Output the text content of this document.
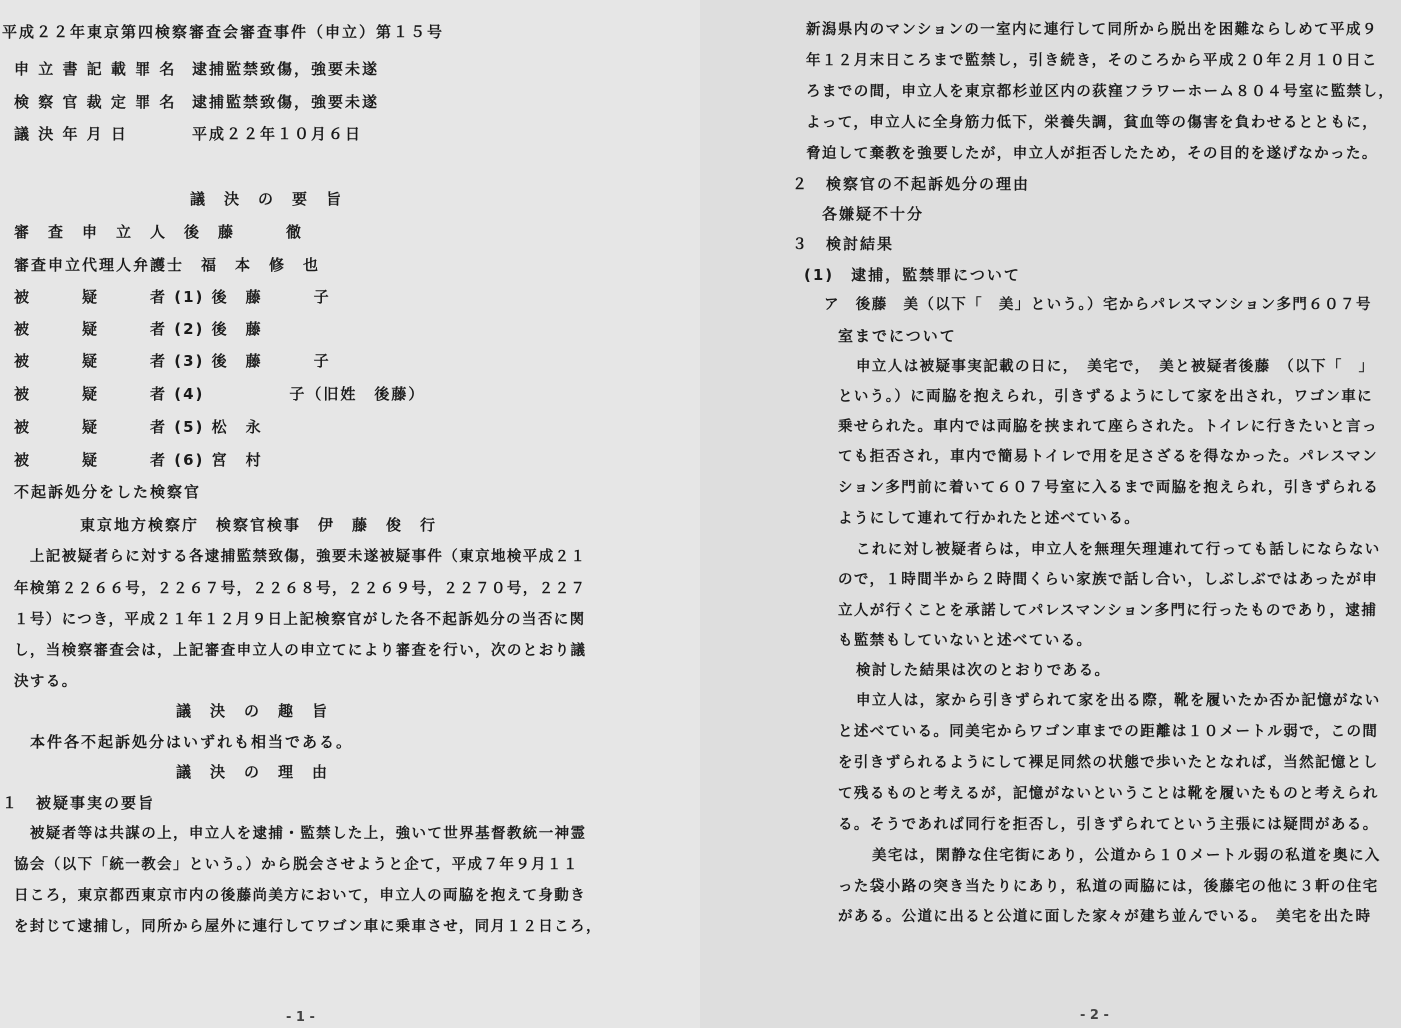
平成２２年東京第四検察審査会審査事件（申立）第１５号
申 立 書 記 載 罪 名 逮捕監禁致傷，強要未遂
検 察 官 裁 定 罪 名 逮捕監禁致傷，強要未遂
議 決 年 月 日	平成２２年１０月６日
議　決　の　要　旨
審　査　申　立　人　後　藤　　　徹
審査申立代理人弁護士　福　本　修　也
被　　　疑　　　者 (1) 後　藤　　　子
被　　　疑　　　者 (2) 後　藤
被　　　疑　　　者 (3) 後　藤　　　子
被　　　疑　　　者 (4)　　　　　子（旧姓　後藤）
被　　　疑　　　者 (5) 松　永
被　　　疑　　　者 (6) 宮　村
不起訴処分をした検察官
東京地方検察庁　検察官検事　伊　藤　俊　行
　上記被疑者らに対する各逮捕監禁致傷，強要未遂被疑事件（東京地検平成２１
年検第２２６６号，２２６７号，２２６８号，２２６９号，２２７０号，２２７
１号）につき，平成２１年１２月９日上記検察官がした各不起訴処分の当否に関
し，当検察審査会は，上記審査申立人の申立てにより審査を行い，次のとおり議
決する。
議　決　の　趣　旨
本件各不起訴処分はいずれも相当である。
議　決　の　理　由
１　被疑事実の要旨
　被疑者等は共謀の上，申立人を逮捕・監禁した上，強いて世界基督教統一神霊
協会（以下「統一教会」という。）から脱会させようと企て，平成７年９月１１
日ころ，東京都西東京市内の後藤尚美方において，申立人の両脇を抱えて身動き
を封じて逮捕し，同所から屋外に連行してワゴン車に乗車させ，同月１２日ころ，
- 1 -
新潟県内のマンションの一室内に連行して同所から脱出を困難ならしめて平成９
年１２月末日ころまで監禁し，引き続き，そのころから平成２０年２月１０日こ
ろまでの間，申立人を東京都杉並区内の荻窪フラワーホーム８０４号室に監禁し，
よって，申立人に全身筋力低下，栄養失調，貧血等の傷害を負わせるとともに，
脅迫して棄教を強要したが，申立人が拒否したため，その目的を遂げなかった。
２　検察官の不起訴処分の理由
各嫌疑不十分
３　検討結果
(1)　逮捕，監禁罪について
ア　後藤　美（以下「　美」という。）宅からパレスマンション多門６０７号
室までについて
申立人は被疑事実記載の日に，　美宅で，　美と被疑者後藤　（以下「　」
という。）に両脇を抱えられ，引きずるようにして家を出され，ワゴン車に
乗せられた。車内では両脇を挟まれて座らされた。トイレに行きたいと言っ
ても拒否され，車内で簡易トイレで用を足さざるを得なかった。パレスマン
ション多門前に着いて６０７号室に入るまで両脇を抱えられ，引きずられる
ようにして連れて行かれたと述べている。
これに対し被疑者らは，申立人を無理矢理連れて行っても話しにならない
ので，１時間半から２時間くらい家族で話し合い，しぶしぶではあったが申
立人が行くことを承諾してパレスマンション多門に行ったものであり，逮捕
も監禁もしていないと述べている。
検討した結果は次のとおりである。
申立人は，家から引きずられて家を出る際，靴を履いたか否か記憶がない
と述べている。同美宅からワゴン車までの距離は１０メートル弱で，この間
を引きずられるようにして裸足同然の状態で歩いたとなれば，当然記憶とし
て残るものと考えるが，記憶がないということは靴を履いたものと考えられ
る。そうであれば同行を拒否し，引きずられてという主張には疑問がある。
美宅は，閑静な住宅街にあり，公道から１０メートル弱の私道を奥に入
った袋小路の突き当たりにあり，私道の両脇には，後藤宅の他に３軒の住宅
がある。公道に出ると公道に面した家々が建ち並んでいる。　美宅を出た時
- 2 -
